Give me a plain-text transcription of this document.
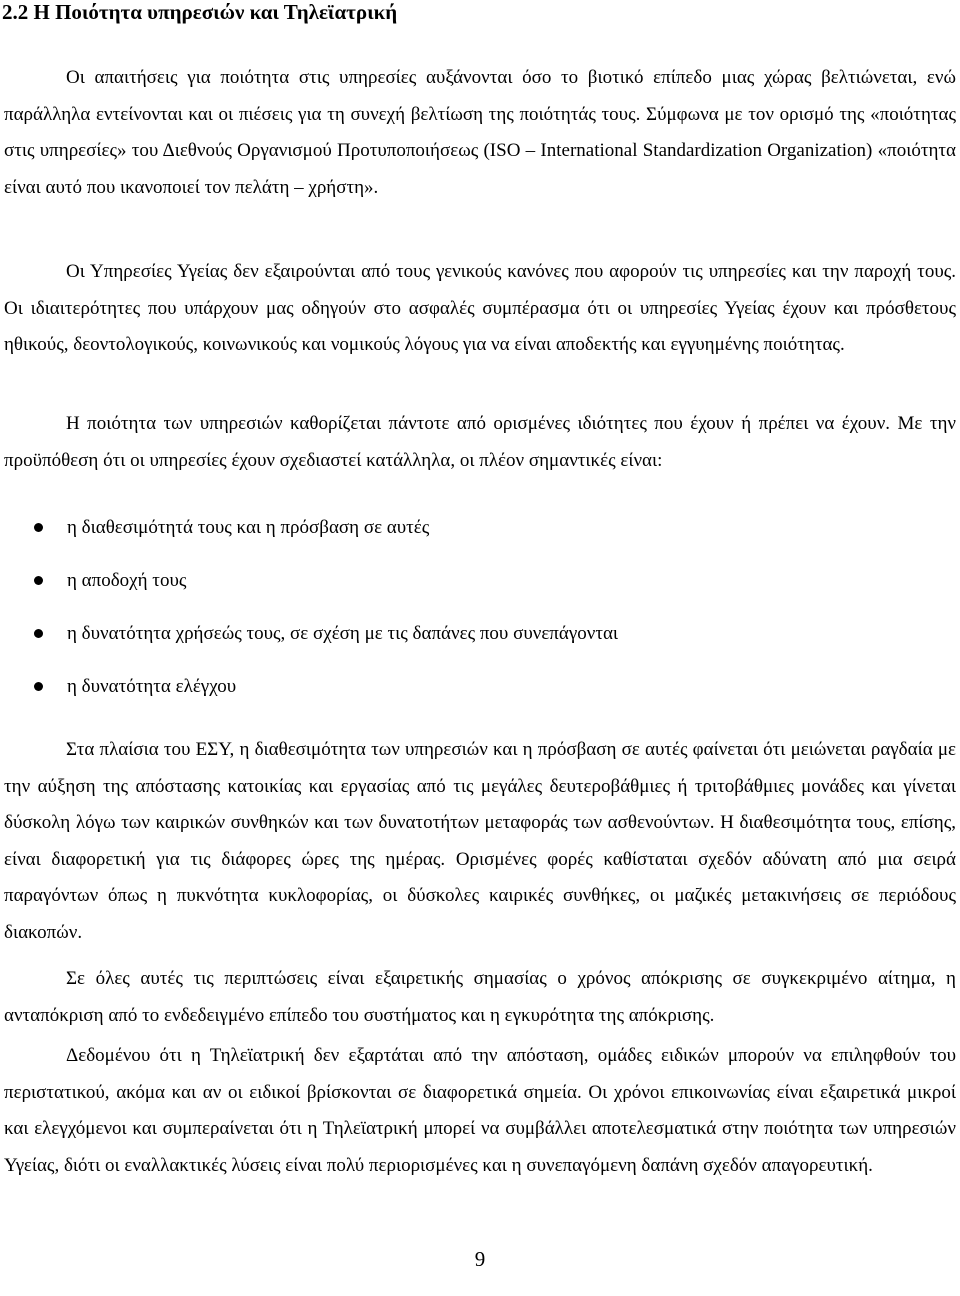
2.2 Η Ποιότητα υπηρεσιών και Τηλεϊατρική

Οι απαιτήσεις για ποιότητα στις υπηρεσίες αυξάνονται όσο το βιοτικό επίπεδο μιας χώρας βελτιώνεται, ενώ παράλληλα εντείνονται και οι πιέσεις για τη συνεχή βελτίωση της ποιότητάς τους. Σύμφωνα με τον ορισμό της «ποιότητας στις υπηρεσίες» του Διεθνούς Οργανισμού Προτυποποιήσεως (ISO – International Standardization Organization) «ποιότητα είναι αυτό που ικανοποιεί τον πελάτη – χρήστη».

Οι Υπηρεσίες Υγείας δεν εξαιρούνται από τους γενικούς κανόνες που αφορούν τις υπηρεσίες και την παροχή τους. Οι ιδιαιτερότητες που υπάρχουν μας οδηγούν στο ασφαλές συμπέρασμα ότι οι υπηρεσίες Υγείας έχουν και πρόσθετους ηθικούς, δεοντολογικούς, κοινωνικούς και νομικούς λόγους για να είναι αποδεκτής και εγγυημένης ποιότητας.

Η ποιότητα των υπηρεσιών καθορίζεται πάντοτε από ορισμένες ιδιότητες που έχουν ή πρέπει να έχουν. Με την προϋπόθεση ότι οι υπηρεσίες έχουν σχεδιαστεί κατάλληλα, οι πλέον σημαντικές είναι:

η διαθεσιμότητά τους και η πρόσβαση σε αυτές
η αποδοχή τους
η δυνατότητα χρήσεώς τους, σε σχέση με τις δαπάνες που συνεπάγονται
η δυνατότητα ελέγχου

Στα πλαίσια του ΕΣΥ, η διαθεσιμότητα των υπηρεσιών και η πρόσβαση σε αυτές φαίνεται ότι μειώνεται ραγδαία με την αύξηση της απόστασης κατοικίας και εργασίας από τις μεγάλες δευτεροβάθμιες ή τριτοβάθμιες μονάδες και γίνεται δύσκολη λόγω των καιρικών συνθηκών και των δυνατοτήτων μεταφοράς των ασθενούντων. Η διαθεσιμότητα τους, επίσης, είναι διαφορετική για τις διάφορες ώρες της ημέρας. Ορισμένες φορές καθίσταται σχεδόν αδύνατη από μια σειρά παραγόντων όπως η πυκνότητα κυκλοφορίας, οι δύσκολες καιρικές συνθήκες, οι μαζικές μετακινήσεις σε περιόδους διακοπών.

Σε όλες αυτές τις περιπτώσεις είναι εξαιρετικής σημασίας ο χρόνος απόκρισης σε συγκεκριμένο αίτημα, η ανταπόκριση από το ενδεδειγμένο επίπεδο του συστήματος και η εγκυρότητα της απόκρισης.

Δεδομένου ότι η Τηλεϊατρική δεν εξαρτάται από την απόσταση, ομάδες ειδικών μπορούν να επιληφθούν του περιστατικού, ακόμα και αν οι ειδικοί βρίσκονται σε διαφορετικά σημεία. Οι χρόνοι επικοινωνίας είναι εξαιρετικά μικροί και ελεγχόμενοι και συμπεραίνεται ότι η Τηλεϊατρική μπορεί να συμβάλλει αποτελεσματικά στην ποιότητα των υπηρεσιών Υγείας, διότι οι εναλλακτικές λύσεις είναι πολύ περιορισμένες και η συνεπαγόμενη δαπάνη σχεδόν απαγορευτική.

9
